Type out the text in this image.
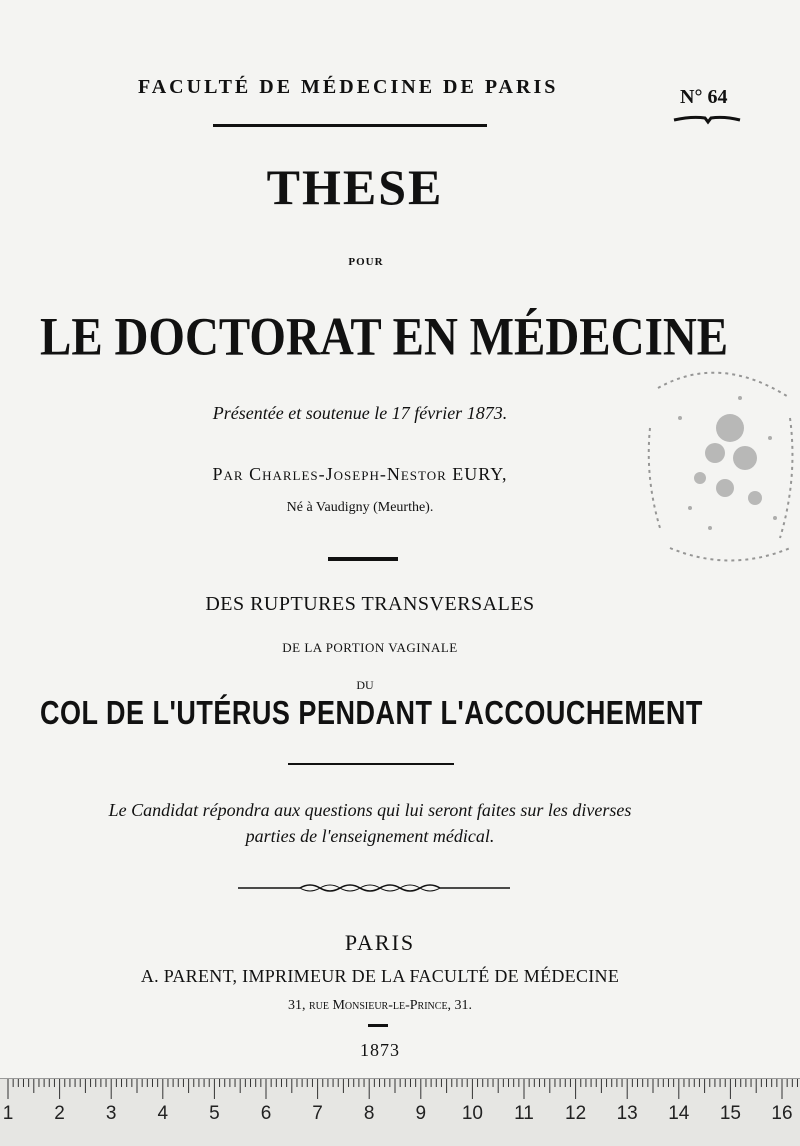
FACULTÉ DE MÉDECINE DE PARIS	N° 64
THESE
POUR
LE DOCTORAT EN MÉDECINE
Présentée et soutenue le 17 février 1873.
Par Charles-Joseph-Nestor EURY,
Né à Vaudigny (Meurthe).
DES RUPTURES TRANSVERSALES
DE LA PORTION VAGINALE
DU
COL DE L'UTÉRUS PENDANT L'ACCOUCHEMENT
Le Candidat répondra aux questions qui lui seront faites sur les diverses
parties de l'enseignement médical.
PARIS
A. PARENT, IMPRIMEUR DE LA FACULTÉ DE MÉDECINE
31, rue Monsieur-le-Prince, 31.
1873
1	2	3	4	5	6	7	8	9	10 11 12 13 14 15 16
